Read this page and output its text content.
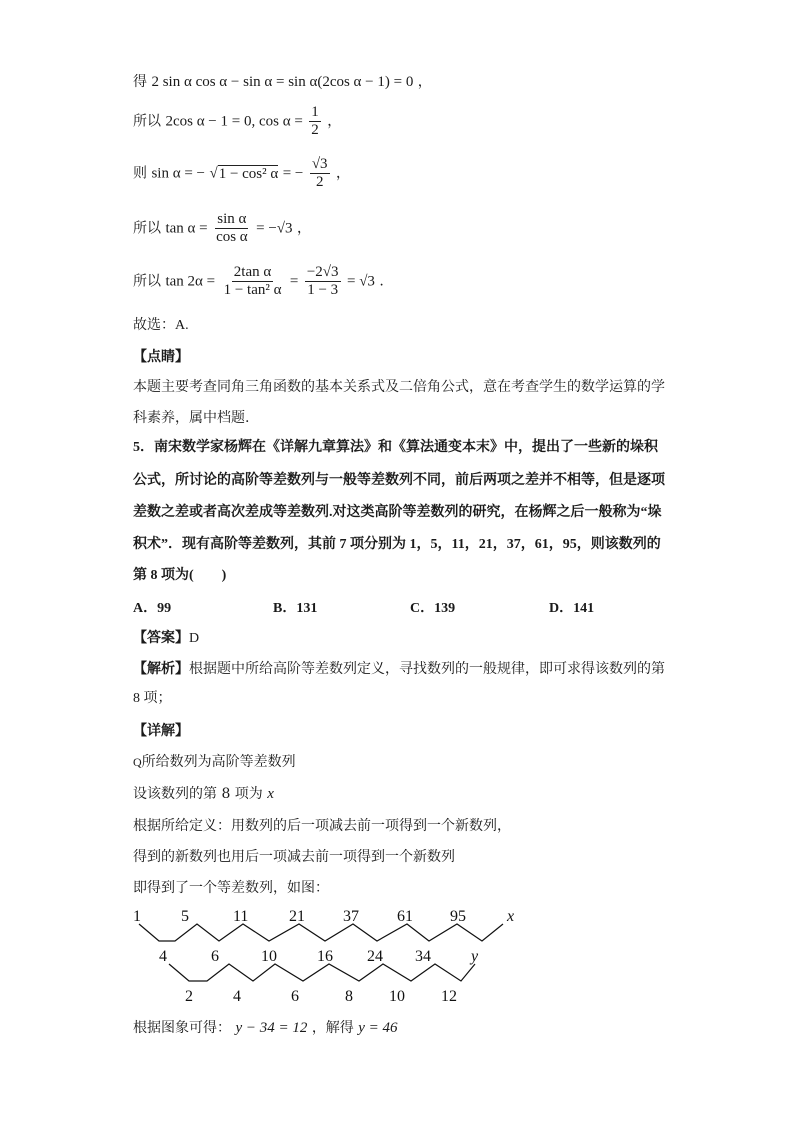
得 2 sin α cos α − sin α = sin α(2cos α − 1) = 0 ，
所以 2cos α − 1 = 0, $\cos \alpha = \frac{1}{2}$ ，
则 sin α = − √1 − cos² α = − $\frac{√3}{2}$ ，
所以 $\tan \alpha = \frac{\text{sin α}}{\text{cos α}} = -√3$ ，
所以 $\tan 2\alpha = \frac{\text{2tan α}}{\text{1 − tan² α}} = \frac{-2√3}{1 - 3} = √3$ .
故选：A.
【点睛】
本题主要考查同角三角函数的基本关系式及二倍角公式，意在考查学生的数学运算的学
科素养，属中档题.
5．南宋数学家杨辉在《详解九章算法》和《算法通变本末》中，提出了一些新的垛积
公式，所讨论的高阶等差数列与一般等差数列不同，前后两项之差并不相等，但是逐项
差数之差或者高次差成等差数列.对这类高阶等差数列的研究，在杨辉之后一般称为“垛
积术”．现有高阶等差数列，其前 7 项分别为 1，5，11，21，37，61，95，则该数列的
第 8 项为(　　)
A．99	B．131	C．139	D．141
【答案】D
【解析】根据题中所给高阶等差数列定义，寻找数列的一般规律，即可求得该数列的第
8 项；
【详解】
Q所给数列为高阶等差数列
设该数列的第 8 项为 x
根据所给定义：用数列的后一项减去前一项得到一个新数列，
得到的新数列也用后一项减去前一项得到一个新数列
即得到了一个等差数列，如图：
1	5	11	21 37 61 95	x
4	6	10	16 24 34	y
2	4	6	8 10 12
根据图象可得： y − 34 = 12 ，解得 y = 46
